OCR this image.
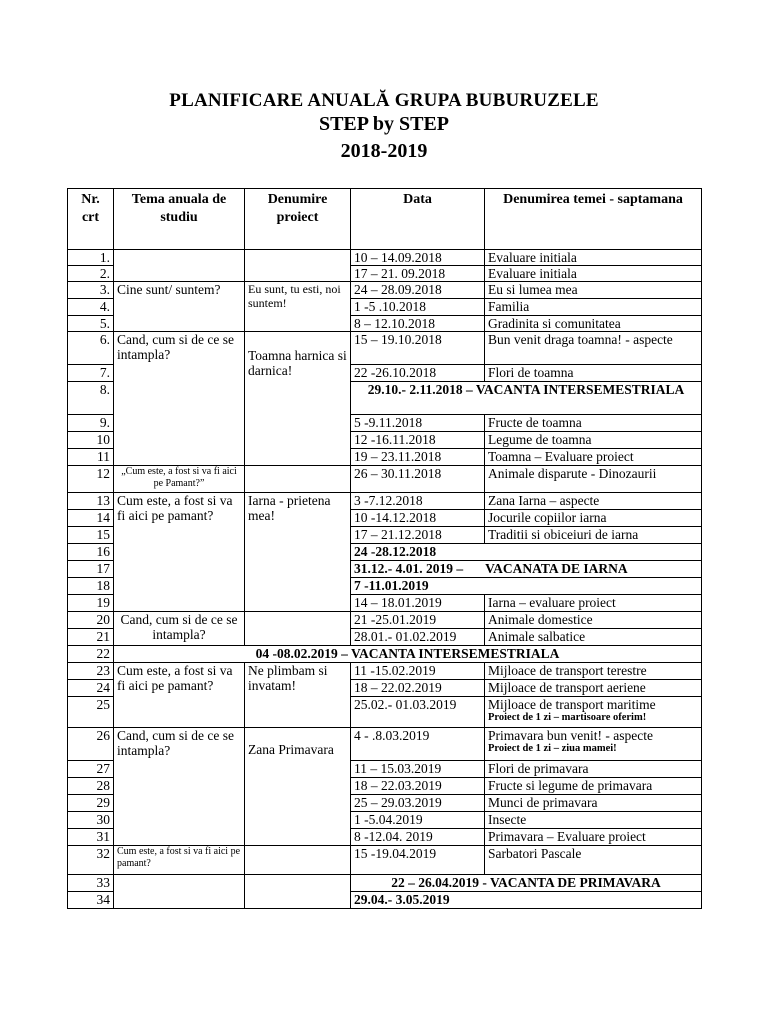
PLANIFICARE ANUALĂ GRUPA BUBURUZELE
STEP by STEP
2018-2019
Nr. crt	Tema anuala de studiu	Denumire proiect	Data	Denumirea temei - saptamana
1.			10 – 14.09.2018	Evaluare initiala
2.			17 – 21. 09.2018	Evaluare initiala
3.	Cine sunt/ suntem?	Eu sunt, tu esti, noi suntem!	24 – 28.09.2018	Eu si lumea mea
4.			1 -5 .10.2018	Familia
5.			8 – 12.10.2018	Gradinita si comunitatea
6.	Cand, cum si de ce se intampla?	Toamna harnica si darnica!	15 – 19.10.2018	Bun venit draga toamna! - aspecte
7.			22 -26.10.2018	Flori de toamna
8.			29.10.- 2.11.2018 – VACANTA INTERSEMESTRIALA	
9.			5 -9.11.2018	Fructe de toamna
10			12 -16.11.2018	Legume de toamna
11			19 – 23.11.2018	Toamna – Evaluare proiect
12	„Cum este, a fost si va fi aici pe Pamant?”		26 – 30.11.2018	Animale disparute - Dinozaurii
13	Cum este, a fost si va fi aici pe pamant?	Iarna - prietena mea!	3 -7.12.2018	Zana Iarna – aspecte
14			10 -14.12.2018	Jocurile copiilor iarna
15			17 – 21.12.2018	Traditii si obiceiuri de iarna
16			24 -28.12.2018	
17			31.12.- 4.01. 2019 – VACANATA DE IARNA	
18			7 -11.01.2019	
19			14 – 18.01.2019	Iarna – evaluare proiect
20	Cand, cum si de ce se intampla?		21 -25.01.2019	Animale domestice
21			28.01.- 01.02.2019	Animale salbatice
22	04 -08.02.2019 – VACANTA INTERSEMESTRIALA			
23	Cum este, a fost si va fi aici pe pamant?	Ne plimbam si invatam!	11 -15.02.2019	Mijloace de transport terestre
24			18 – 22.02.2019	Mijloace de transport aeriene
25			25.02.- 01.03.2019	Mijloace de transport maritime
Proiect de 1 zi – martisoare oferim!

26	Cand, cum si de ce se intampla?	Zana Primavara	4 - .8.03.2019	Primavara bun venit! - aspecte
Proiect de 1 zi – ziua mamei!

27			11 – 15.03.2019	Flori de primavara
28			18 – 22.03.2019	Fructe si legume de primavara
29			25 – 29.03.2019	Munci de primavara
30			1 -5.04.2019	Insecte
31			8 -12.04. 2019	Primavara – Evaluare proiect
32	Cum este, a fost si va fi aici pe pamant?		15 -19.04.2019	Sarbatori Pascale
33			22 – 26.04.2019 - VACANTA DE PRIMAVARA	
34			29.04.- 3.05.2019	
